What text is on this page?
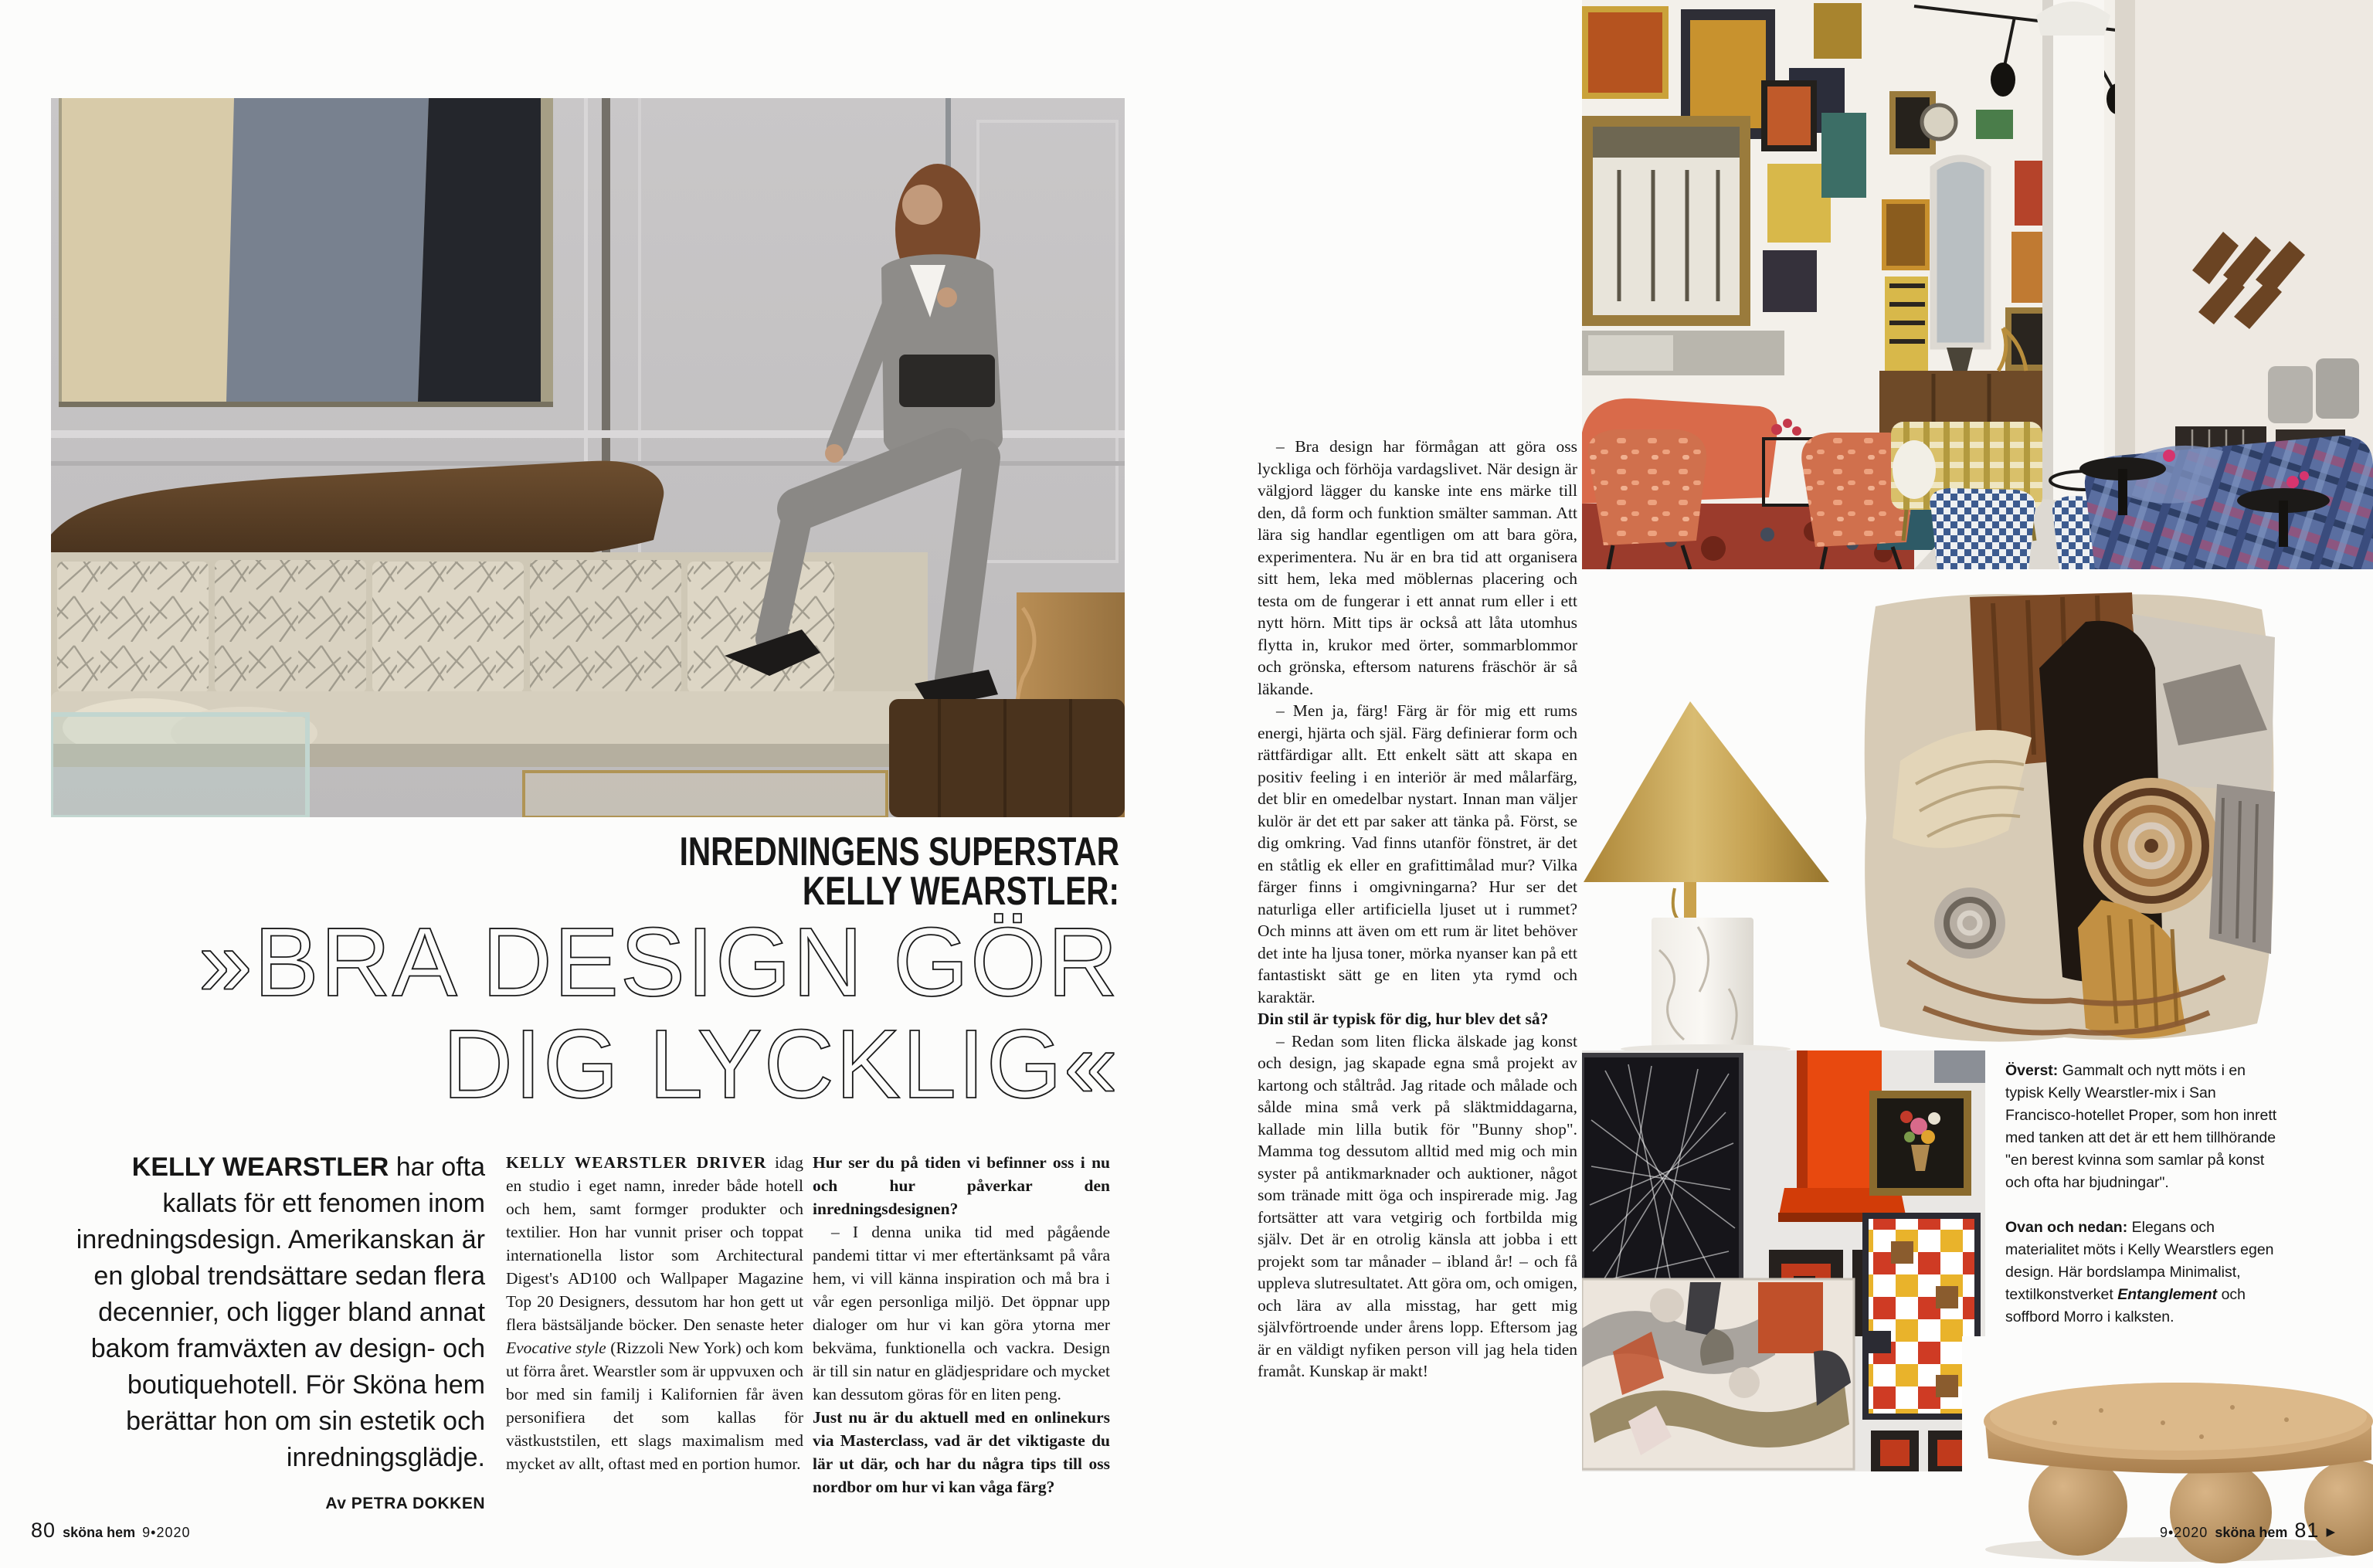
INREDNINGENS SUPERSTAR
KELLY WEARSTLER:
»BRA DESIGN GÖR
DIG LYCKLIG«
KELLY WEARSTLER har ofta kallats för ett fenomen inom inredningsdesign. Amerikanskan är en global trendsättare sedan flera decennier, och ligger bland annat bakom framväxten av design- och boutiquehotell. För Sköna hem berättar hon om sin estetik och inredningsglädje.
Av PETRA DOKKEN

KELLY WEARSTLER DRIVER idag en studio i eget namn, inreder både hotell och hem, samt formger produkter och textilier. Hon har vunnit priser och toppat internationella listor som Architectural Digest's AD100 och Wallpaper Magazine Top 20 Designers, dessutom har hon gett ut flera bästsäljande böcker. Den senaste heter Evocative style (Rizzoli New York) och kom ut förra året. Wearstler som är uppvuxen och bor med sin familj i Kalifornien får även personifiera det som kallas för västkuststilen, ett slags maximalism med mycket av allt, oftast med en portion humor.

Hur ser du på tiden vi befinner oss i nu och hur påverkar den inredningsdesignen?

– I denna unika tid med pågående pandemi tittar vi mer eftertänksamt på våra hem, vi vill känna inspiration och må bra i vår egen personliga miljö. Det öppnar upp dialoger om hur vi kan göra ytorna mer bekväma, funktionella och vackra. Design är till sin natur en glädjespridare och mycket kan dessutom göras för en liten peng.

Just nu är du aktuell med en onlinekurs via Masterclass, vad är det viktigaste du lär ut där, och har du några tips till oss nordbor om hur vi kan våga färg?

80 sköna hem 9•2020

– Bra design har förmågan att göra oss lyckliga och förhöja vardagslivet. När design är välgjord lägger du kanske inte ens märke till den, då form och funktion smälter samman. Att lära sig handlar egentligen om att bara göra, experimentera. Nu är en bra tid att organisera sitt hem, leka med möblernas placering och testa om de fungerar i ett annat rum eller i ett nytt hörn. Mitt tips är också att låta utomhus flytta in, krukor med örter, sommarblommor och grönska, eftersom naturens fräschör är så läkande.

– Men ja, färg! Färg är för mig ett rums energi, hjärta och själ. Färg definierar form och rättfärdigar allt. Ett enkelt sätt att skapa en positiv feeling i en interiör är med målarfärg, det blir en omedelbar nystart. Innan man väljer kulör är det ett par saker att tänka på. Först, se dig omkring. Vad finns utanför fönstret, är det en ståtlig ek eller en grafittimålad mur? Vilka färger finns i omgivningarna? Hur ser det naturliga eller artificiella ljuset ut i rummet? Och minns att även om ett rum är litet behöver det inte ha ljusa toner, mörka nyanser kan på ett fantastiskt sätt ge en liten yta rymd och karaktär.

Din stil är typisk för dig, hur blev det så?

– Redan som liten flicka älskade jag konst och design, jag skapade egna små projekt av kartong och ståltråd. Jag ritade och målade och sålde mina små verk på släktmiddagarna, kallade min lilla butik för "Bunny shop". Mamma tog dessutom alltid med mig och min syster på antikmarknader och auktioner, något som tränade mitt öga och inspirerade mig. Jag fortsätter att vara vetgirig och fortbilda mig själv. Det är en otrolig känsla att jobba i ett projekt som tar månader – ibland år! – och få uppleva slutresultatet. Att göra om, och omigen, och lära av alla misstag, har gett mig självförtroende under årens lopp. Eftersom jag är en väldigt nyfiken person vill jag hela tiden framåt. Kunskap är makt!

Överst: Gammalt och nytt möts i en typisk Kelly Wearstler-mix i San Francisco-hotellet Proper, som hon inrett med tanken att det är ett hem tillhörande "en berest kvinna som samlar på konst och ofta har bjudningar".

Ovan och nedan: Elegans och materialitet möts i Kelly Wearstlers egen design. Här bordslampa Minimalist, textilkonstverket Entanglement och soffbord Morro i kalksten.

9•2020 sköna hem 81 ▶
